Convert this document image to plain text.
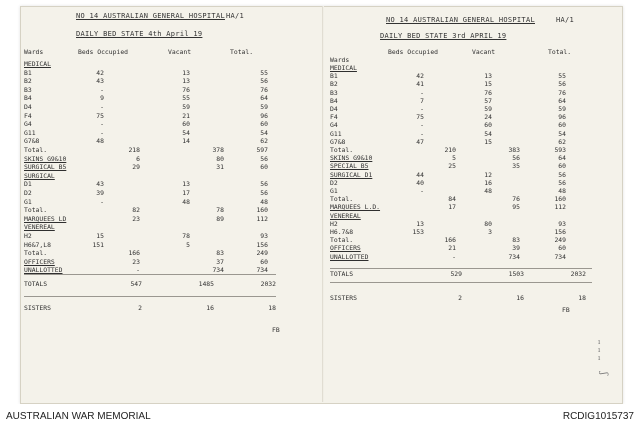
NO 14 AUSTRALIAN GENERAL HOSPITAL HA/1
DAILY BED STATE 4th April 19
Wards	Beds Occupied	Vacant	Total.
MEDICAL
B1	42	13	55
B2	43	13	56
B3	-	76	76
B4	9	55	64
D4	-	59	59
F4	75	21	96
G4	-	60	60
G11	-	54	54
G7&8	48	14	62
Total.	218	378	597
SKINS G9&10	6	80	56
SURGICAL B5	29	31	60
SURGICAL
D1	43	13	56
D2	39	17	56
G1	-	48	48
Total.	82	78	160
MARQUEES LD	23	89	112
VENEREAL
H2	15	78	93
H6&7,L8	151	5	156
Total.	166	83	249
OFFICERS	23	37	60
UNALLOTTED	-	734	734
TOTALS	547	1485	2032
SISTERS	2	16	18
FB
NO 14 AUSTRALIAN GENERAL HOSPITAL	HA/1
DAILY BED STATE 3rd APRIL 19
Wards
Beds Occupied	Vacant	Total.
MEDICAL
B1	42	13	55
B2	41	15	56
B3	-	76	76
B4	7	57	64
D4	-	59	59
F4	75	24	96
G4	-	60	60
G11	-	54	54
G7&8	47	15	62
Total.	210	383	593
SKINS G9&10	5	56	64
SPECIAL B5	25	35	60
SURGICAL D1	44	12	56
D2	40	16	56
G1	-	48	48
Total.	84	76	160
MARQUEES L.D.	17	95	112
VENEREAL
H2	13	80	93
H6.7&8	153	3	156
Total.	166	83	249
OFFICERS	21	39	60
UNALLOTTED	-	734	734
TOTALS	529	1503	2032
SISTERS	2	16	18
FB
ı
ı
ı
ʃ
AUSTRALIAN WAR MEMORIAL	RCDIG1015737
